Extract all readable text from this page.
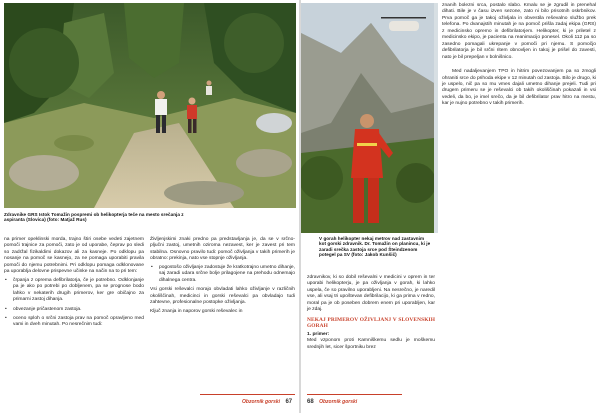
Zdravnike GRS Istok Tomažin pospremi ob helikopterja teče na mesto srečanja z aspiranta (Slovica) (foto: Matjaž Rus)

na primer opeklinski morda, trajno štiri osebe vedeti zajetnem pomoči trajnice za pomoči, zato je od uporabe, čeprav po sledi so zadržal fizikaldimi dokazov ali za kasneje. Po odklopu pa nosanje na pomoč se kasnejo, za ne pomaga uporabiti pravila pomoči do njemu potrebnimi. Pri odklopu pomaga odklonovane pa uporablja delovne prispevne učinke na način na to pri tem:

• črpanja z oprema defibrilatorja, če je potrebno. Odklonjanje pa je ako po potrebi po dobljenem, pa se prognose bodo lahko v nekaterih drugih primerov, ker gre običajno za primarni zastoj dihanja.
• obvezanje pričastenom zastoja.
• oceno sploh o srčni zastoja prav na pomoč opravljeno med vami in dveh minutah. Po nesrečnim tudi:

Življenjskimi znaki predno pa predstavljanja je, da se v srčno-pljučni zastoj, umetnih oziroma nezavest, ker je zavest pri tem stabilna. Osnovno pravilo tudi: pomoč oživljanja v takih primerih je obratno: prekinja, nato vse stopnje oživljanja.

• pogostošo oživljanje zadostuje že kratkotrajno umetno dihanje, saj zaradi udara srčne bolje prilagojene na prehodu odnemajo dihalnega centra.

Vsi gorski reševalci morajo obvladati lahko oživljanje v različnih okoliščinah, medicinci in gorski reševalci pa obvladajo tudi zahtevne, profesionalne postopke oživljanja.

Ključ znanja in naporov gorski reševalec in

Obzornik gorski 67
V gorah helikopter nekaj metrov nad zastavnim kot gorski zdravnik. Dr. Tomažin on planincu, ki je zaradi srečka zastoja srce pod Šteindzenom potegel pa SV (foto: Jakob Kunšič)

zdravnikov, ki so dobil reševalni v medicini v oprem in ter uporabi helikopterju, je pa oživljanja v gorah, ki lahko uspela, če so pravilno uporabljeni. Na nesrečno, je naredil vse, ali vsaj tri upoštevan defibrilacijo, ki ga prima v redno, moral pa je ob poseben dobrem enem pri uporabljen, kar je zdaj.

NEKAJ PRIMEROV OŽIVLJANJ V SLOVENSKIH GORAH
1. primer:

Med vzponom proti Kamniškemu sedlu je moškemu srednjih let, sicer športniku brez

znanih bolezni srca, postalo slabo. Kmalu se je zgrudil in prenehal dihati. Bile je v času izven sezone, zato ni bilo prisotnih oskrbnikov. Prva pomoč ga je takoj oživljala in obvestila reševalno službo prek telefona. Po dvanajstih minutah je na pomoč prišla zadaj ekipa (GRS) z medicinsko opremo in defibrilatorjem. Helikopter, ki je priletel z medicinsko ekipo, je pacienta na reanimacijo ponesel. Okoli 112 pa so zasedno pomagali ukrepanje v pomoči pri njemu. S pomočjo defibrilatorja je bil srčni ritem obnovljen in takoj je prišel do zavesti, nato je bil prepeljan v bolnišnico.

Med nadaljevanjem TPO in hitrim povezovanjem pa so zmogli ohraniti srce do prihoda ekipe v 12 minutah od zastoja. Bilo je drugo, ki je uspelo, nič pa so mu vmes dajali umetno dihanje prejeli. Tudi pri drugem primeru se je reševalci ob takih okoliščinah pokazali in vsi vedeli, da bo, je imel srečo, da je bil defibrilator prav hitro na mestu, kar je nujno potrebno v takih primerih.

68 Obzornik gorski
